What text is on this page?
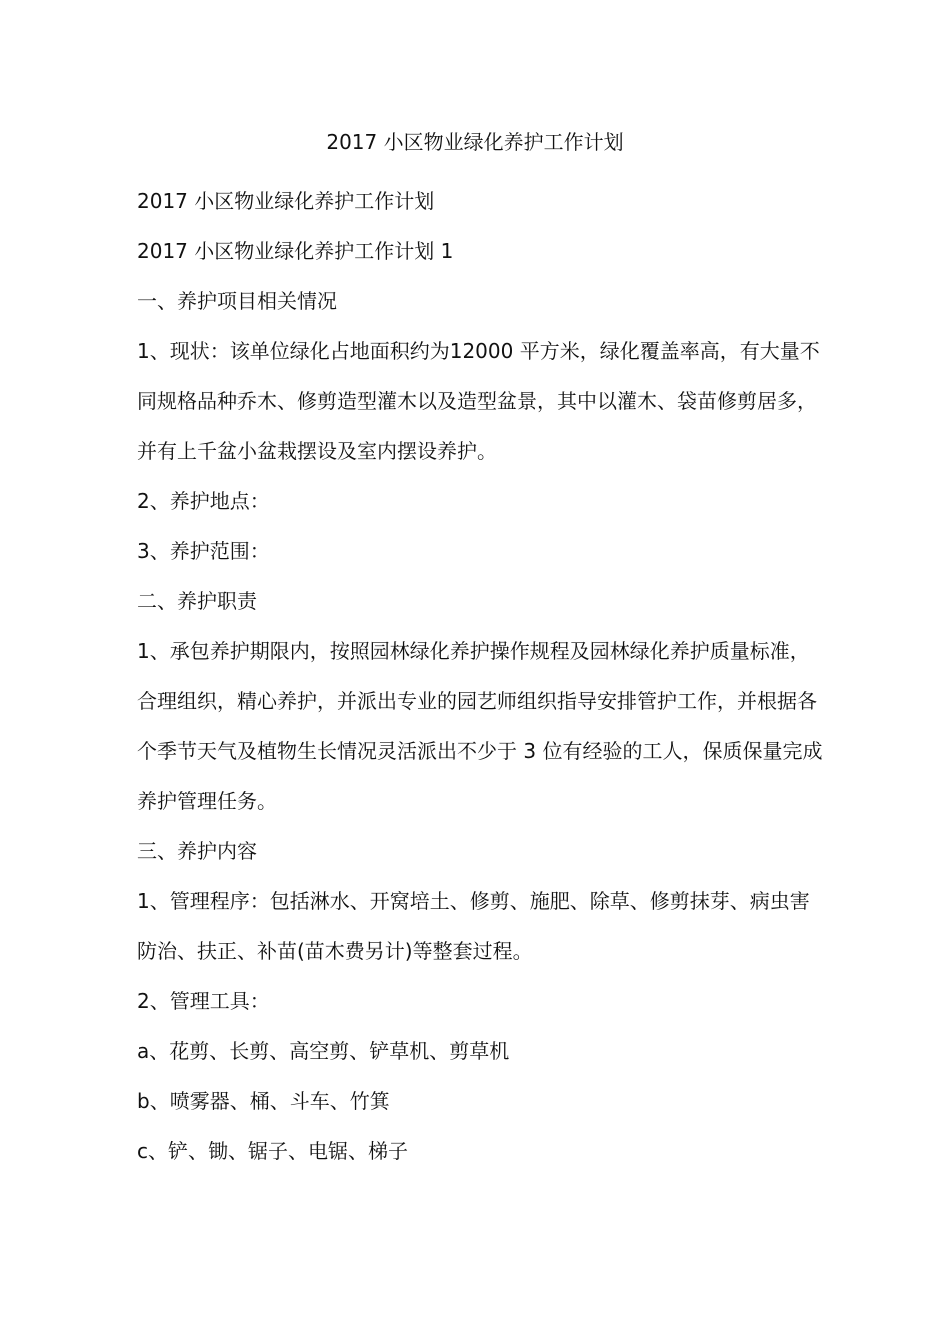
2017 小区物业绿化养护工作计划

2017 小区物业绿化养护工作计划

2017 小区物业绿化养护工作计划 1

一、养护项目相关情况

1、现状：该单位绿化占地面积约为12000 平方米，绿化覆盖率高，有大量不同规格品种乔木、修剪造型灌木以及造型盆景，其中以灌木、袋苗修剪居多，并有上千盆小盆栽摆设及室内摆设养护。

2、养护地点：

3、养护范围：

二、养护职责

1、承包养护期限内，按照园林绿化养护操作规程及园林绿化养护质量标准，合理组织，精心养护，并派出专业的园艺师组织指导安排管护工作，并根据各个季节天气及植物生长情况灵活派出不少于 3 位有经验的工人，保质保量完成养护管理任务。

三、养护内容

1、管理程序：包括淋水、开窝培土、修剪、施肥、除草、修剪抹芽、病虫害防治、扶正、补苗(苗木费另计)等整套过程。

2、管理工具：

a、花剪、长剪、高空剪、铲草机、剪草机

b、喷雾器、桶、斗车、竹箕

c、铲、锄、锯子、电锯、梯子
